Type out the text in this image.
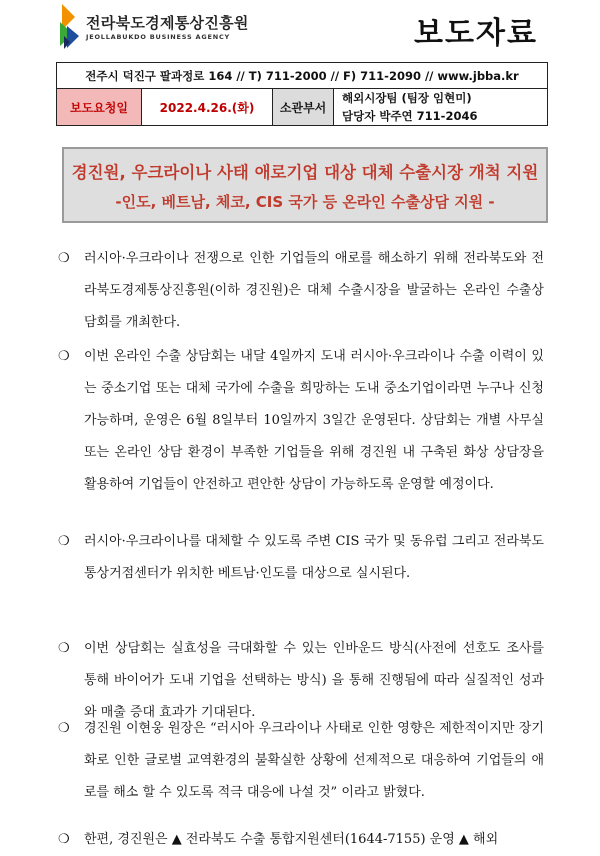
전라북도경제통상진흥원
JEOLLABUKDO BUSINESS AGENCY	보도자료
전주시 덕진구 팔과정로 164 // T) 711-2000 // F) 711-2090 // www.jbba.kr
보도요청일	2022.4.26.(화)	소관부서	
해외시장팀 (팀장 임현미)
담당자 박주연 711-2046
경진원, 우크라이나 사태 애로기업 대상 대체 수출시장 개척 지원
-인도, 베트남, 체코, CIS 국가 등 온라인 수출상담 지원 -
❍ 러시아·우크라이나 전쟁으로 인한 기업들의 애로를 해소하기 위해 전라북도와 전라북도경제통상진흥원(이하 경진원)은 대체 수출시장을 발굴하는 온라인 수출상담회를 개최한다.
❍ 이번 온라인 수출 상담회는 내달 4일까지 도내 러시아·우크라이나 수출 이력이 있는 중소기업 또는 대체 국가에 수출을 희망하는 도내 중소기업이라면 누구나 신청 가능하며, 운영은 6월 8일부터 10일까지 3일간 운영된다. 상담회는 개별 사무실 또는 온라인 상담 환경이 부족한 기업들을 위해 경진원 내 구축된 화상 상담장을 활용하여 기업들이 안전하고 편안한 상담이 가능하도록 운영할 예정이다.
❍ 러시아·우크라이나를 대체할 수 있도록 주변 CIS 국가 및 동유럽 그리고 전라북도 통상거점센터가 위치한 베트남·인도를 대상으로 실시된다.
❍ 이번 상담회는 실효성을 극대화할 수 있는 인바운드 방식(사전에 선호도 조사를 통해 바이어가 도내 기업을 선택하는 방식) 을 통해 진행됨에 따라 실질적인 성과와 매출 증대 효과가 기대된다.
❍ 경진원 이현웅 원장은 “러시아 우크라이나 사태로 인한 영향은 제한적이지만 장기화로 인한 글로벌 교역환경의 불확실한 상황에 선제적으로 대응하여 기업들의 애로를 해소 할 수 있도록 적극 대응에 나설 것” 이라고 밝혔다.
❍ 한편, 경진원은 ▲ 전라북도 수출 통합지원센터(1644-7155) 운영 ▲ 해외
